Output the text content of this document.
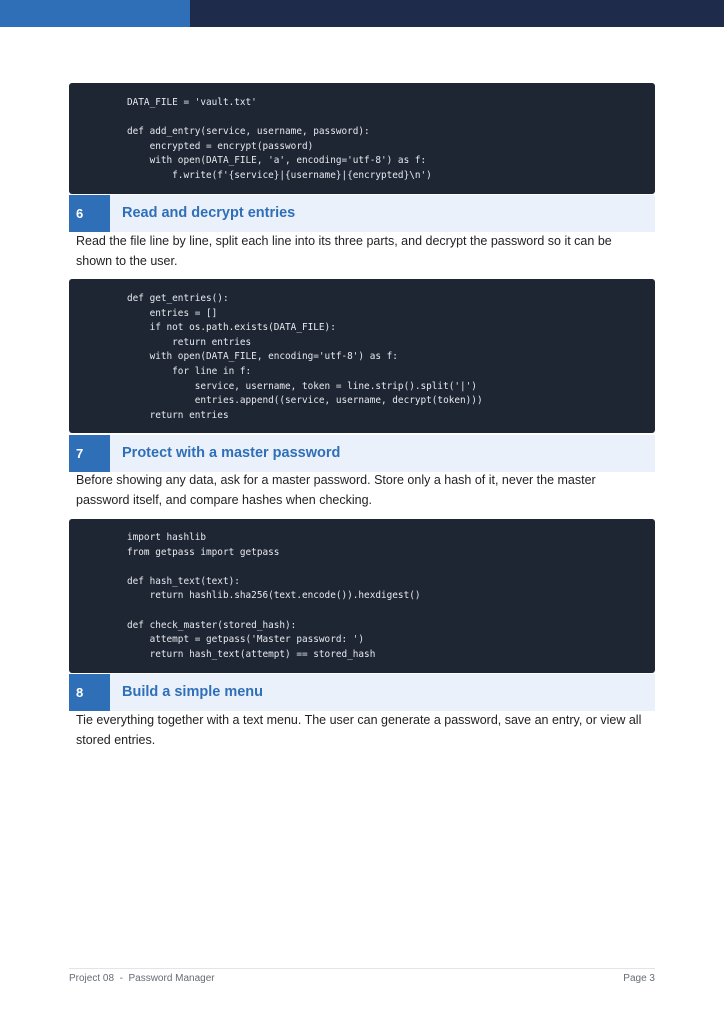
DATA_FILE = 'vault.txt'

def add_entry(service, username, password):
encrypted = encrypt(password)
with open(DATA_FILE, 'a', encoding='utf-8') as f:
f.write(f'{service}|{username}|{encrypted}\n')
6	Read and decrypt entries

Read the file line by line, split each line into its three parts, and decrypt the password so it can be shown to the user.

def get_entries():
entries = []
if not os.path.exists(DATA_FILE):
return entries
with open(DATA_FILE, encoding='utf-8') as f:
for line in f:
service, username, token = line.strip().split('|')
entries.append((service, username, decrypt(token)))
return entries
7	Protect with a master password

Before showing any data, ask for a master password. Store only a hash of it, never the master password itself, and compare hashes when checking.

import hashlib
from getpass import getpass

def hash_text(text):
return hashlib.sha256(text.encode()).hexdigest()

def check_master(stored_hash):
attempt = getpass('Master password: ')
return hash_text(attempt) == stored_hash
8	Build a simple menu

Tie everything together with a text menu. The user can generate a password, save an entry, or view all stored entries.

Project 08  -  Password Manager	Page 3
